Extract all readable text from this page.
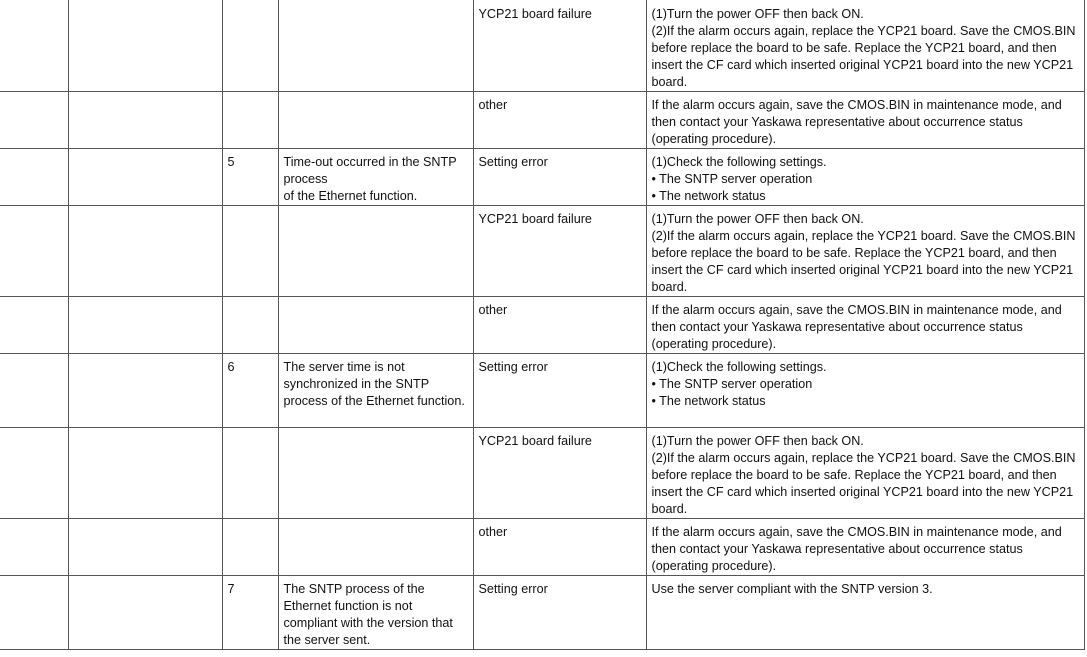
				YCP21 board failure	(1)Turn the power OFF then back ON.
(2)If the alarm occurs again, replace the YCP21 board. Save the CMOS.BIN before replace the board to be safe. Replace the YCP21 board, and then insert the CF card which inserted original YCP21 board into the new YCP21 board.
				other	If the alarm occurs again, save the CMOS.BIN in maintenance mode, and then contact your Yaskawa representative about occurrence status (operating procedure).
		5	Time-out occurred in the SNTP process
of the Ethernet function.	Setting error	(1)Check the following settings.
• The SNTP server operation
• The network status
				YCP21 board failure	(1)Turn the power OFF then back ON.
(2)If the alarm occurs again, replace the YCP21 board. Save the CMOS.BIN before replace the board to be safe. Replace the YCP21 board, and then insert the CF card which inserted original YCP21 board into the new YCP21 board.
				other	If the alarm occurs again, save the CMOS.BIN in maintenance mode, and then contact your Yaskawa representative about occurrence status (operating procedure).
		6	The server time is not synchronized in the SNTP process of the Ethernet function.	Setting error	(1)Check the following settings.
• The SNTP server operation
• The network status
				YCP21 board failure	(1)Turn the power OFF then back ON.
(2)If the alarm occurs again, replace the YCP21 board. Save the CMOS.BIN before replace the board to be safe. Replace the YCP21 board, and then insert the CF card which inserted original YCP21 board into the new YCP21 board.
				other	If the alarm occurs again, save the CMOS.BIN in maintenance mode, and then contact your Yaskawa representative about occurrence status (operating procedure).
		7	The SNTP process of the Ethernet function is not compliant with the version that the server sent.	Setting error	Use the server compliant with the SNTP version 3.
